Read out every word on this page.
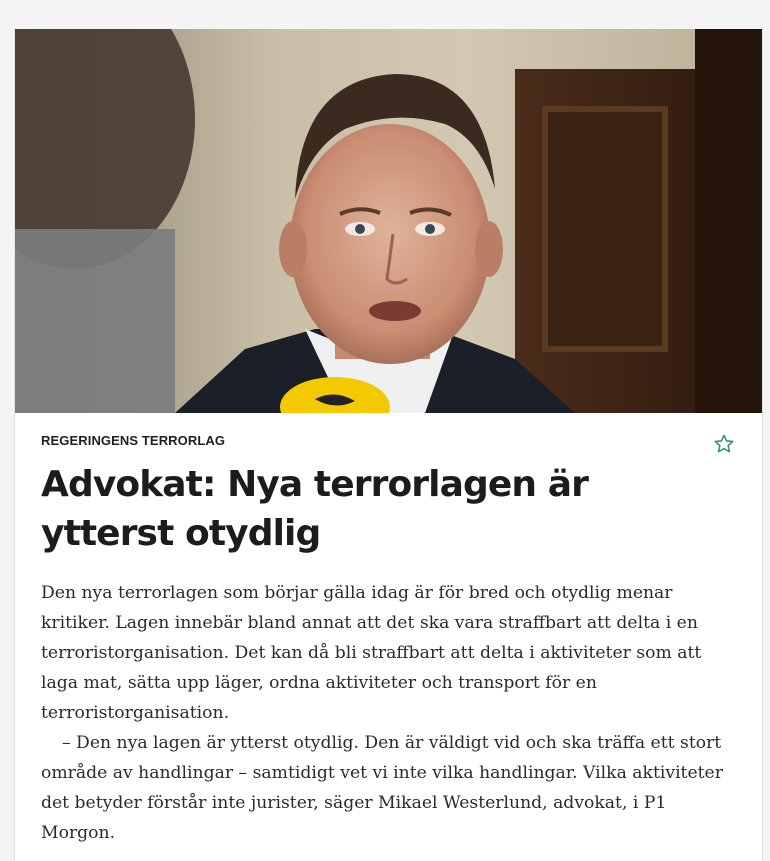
REGERINGENS TERRORLAG
Advokat: Nya terrorlagen är ytterst otydlig

Den nya terrorlagen som börjar gälla idag är för bred och otydlig menar kritiker. Lagen innebär bland annat att det ska vara straffbart att delta i en terroristorganisation. Det kan då bli straffbart att delta i aktiviteter som att laga mat, sätta upp läger, ordna aktiviteter och transport för en terroristorganisation.

– Den nya lagen är ytterst otydlig. Den är väldigt vid och ska träffa ett stort område av handlingar – samtidigt vet vi inte vilka handlingar. Vilka aktiviteter det betyder förstår inte jurister, säger Mikael Westerlund, advokat, i P1 Morgon.
